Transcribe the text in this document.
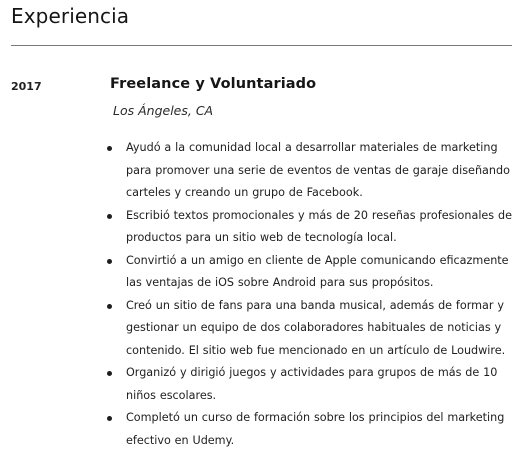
Experiencia
2017	Freelance y Voluntariado
Los Ángeles, CA
Ayudó a la comunidad local a desarrollar materiales de marketing para promover una serie de eventos de ventas de garaje diseñando carteles y creando un grupo de Facebook.
Escribió textos promocionales y más de 20 reseñas profesionales de productos para un sitio web de tecnología local.
Convirtió a un amigo en cliente de Apple comunicando eficazmente las ventajas de iOS sobre Android para sus propósitos.
Creó un sitio de fans para una banda musical, además de formar y gestionar un equipo de dos colaboradores habituales de noticias y contenido. El sitio web fue mencionado en un artículo de Loudwire.
Organizó y dirigió juegos y actividades para grupos de más de 10 niños escolares.
Completó un curso de formación sobre los principios del marketing efectivo en Udemy.
